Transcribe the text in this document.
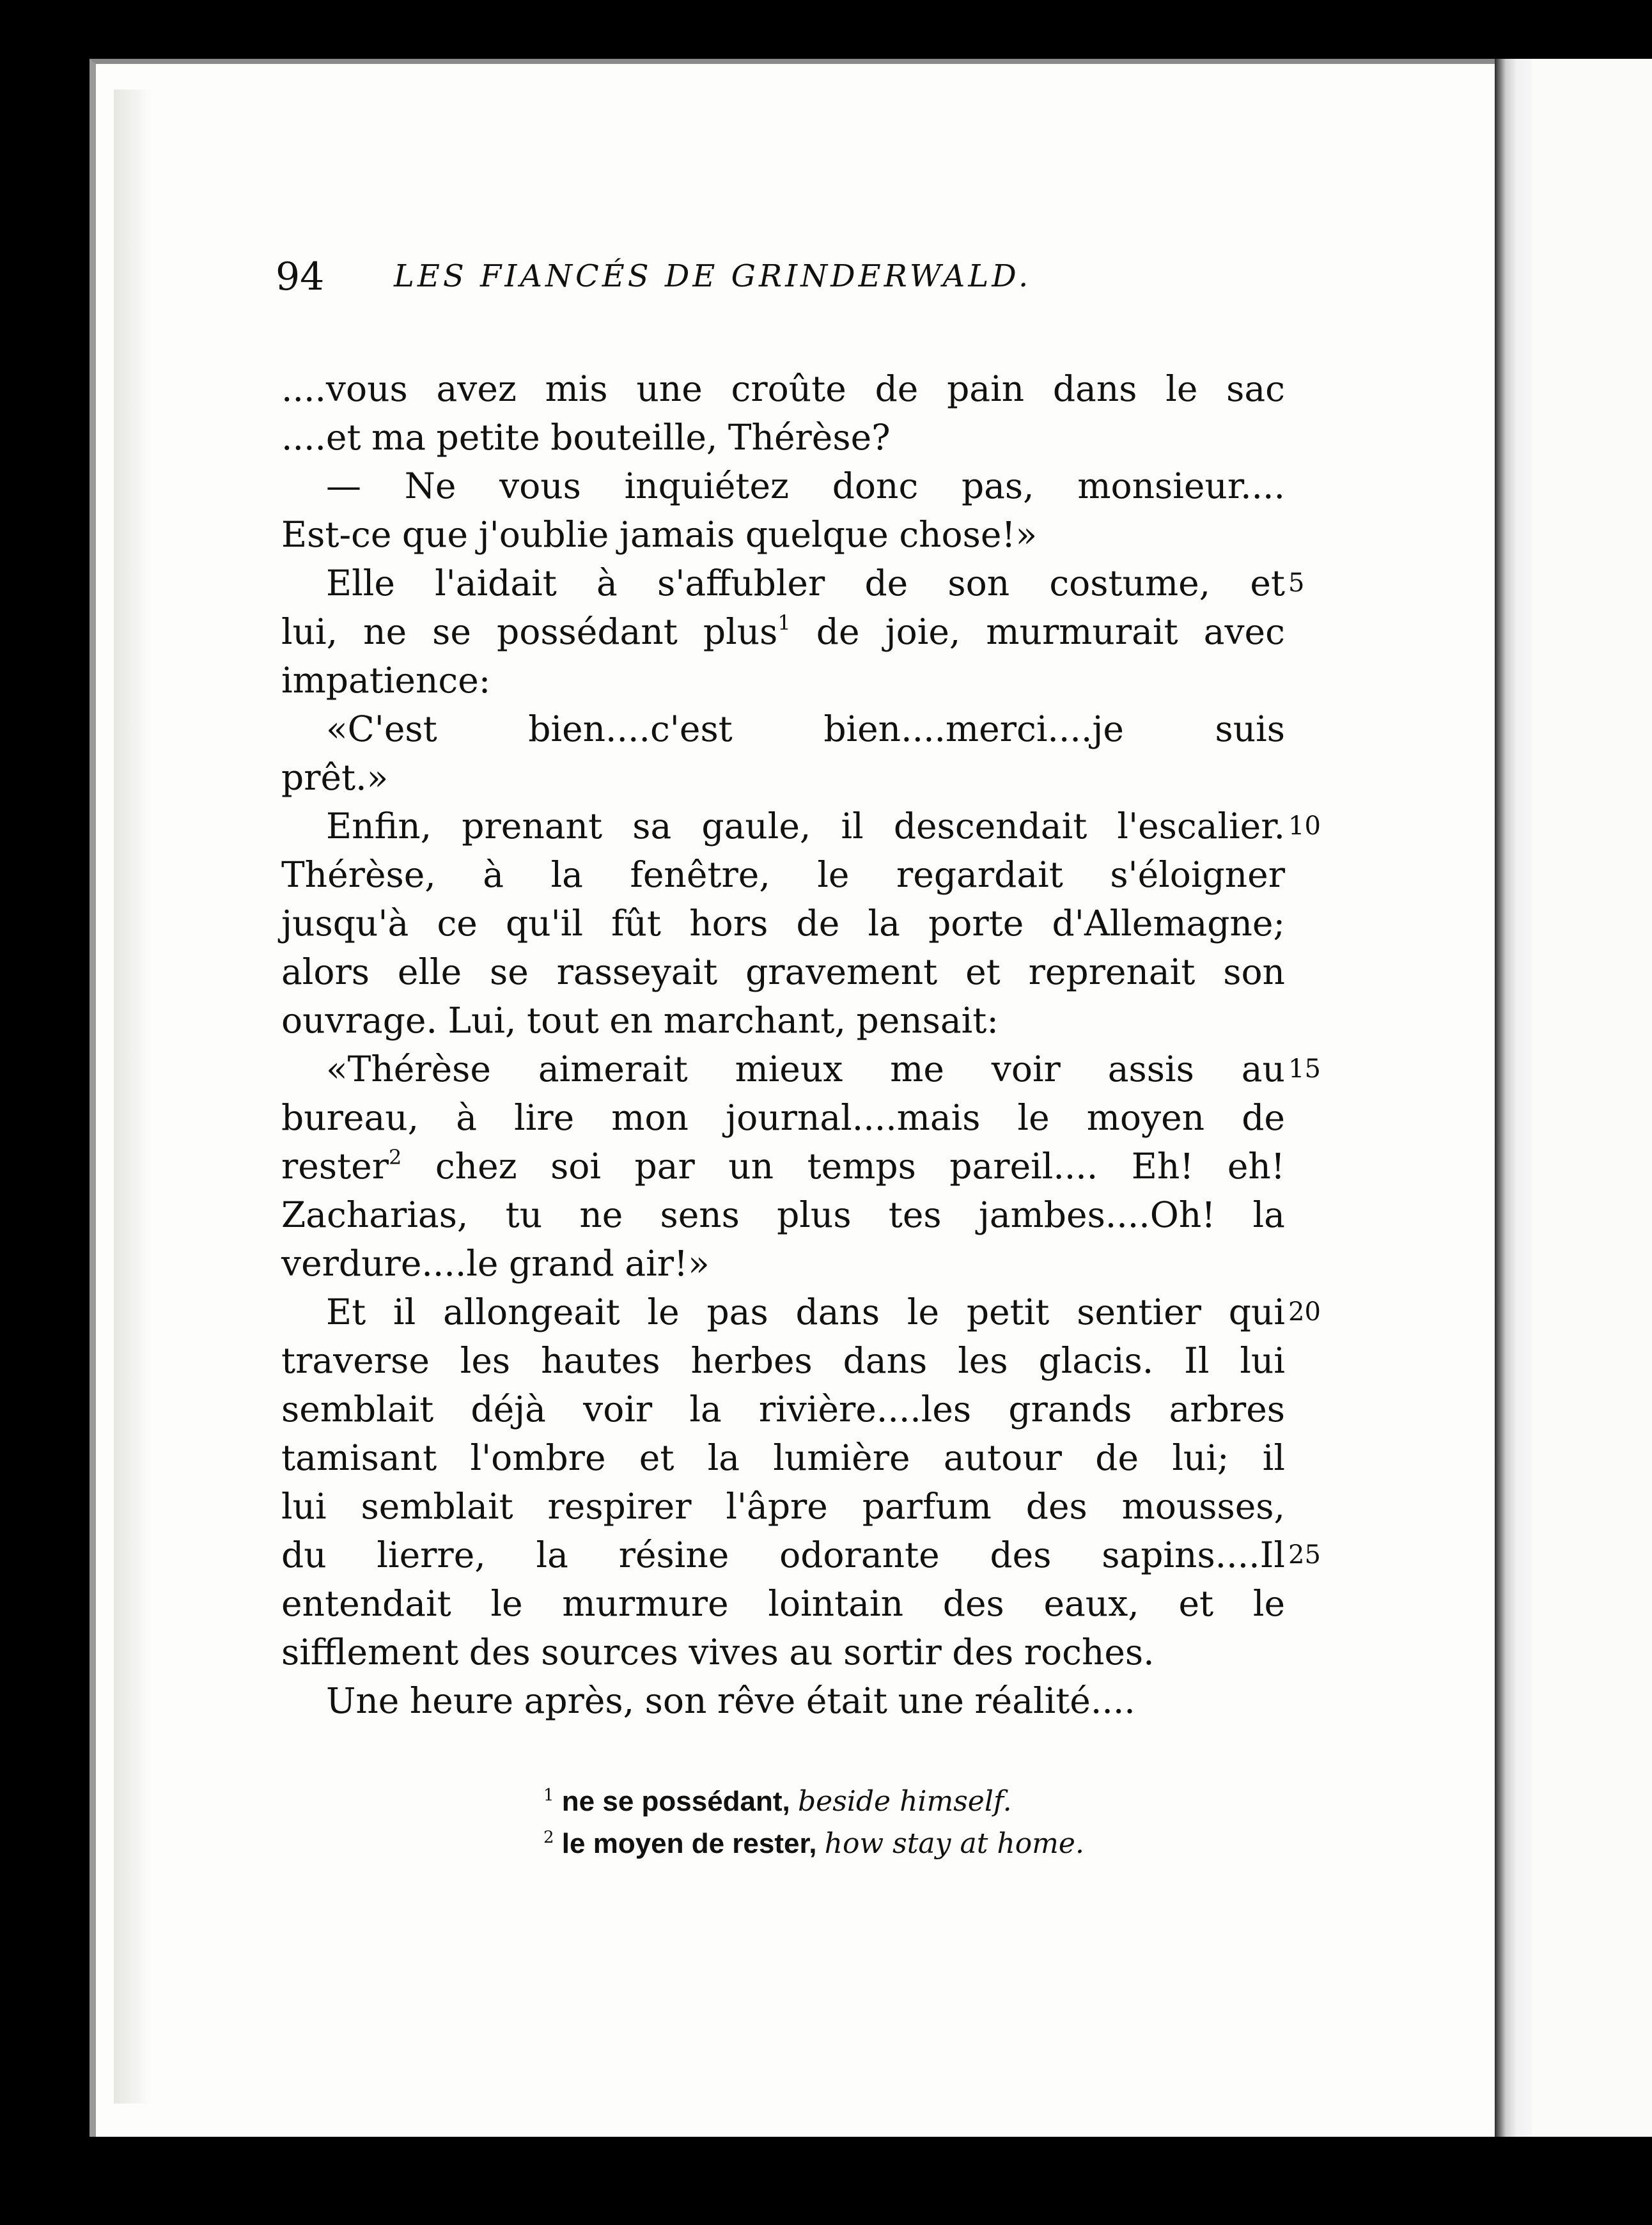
94 LES FIANCÉS DE GRINDERWALD.
....vous avez mis une croûte de pain dans le sac
....et ma petite bouteille, Thérèse?
— Ne vous inquiétez donc pas, monsieur....
Est-ce que j'oublie jamais quelque chose!»
Elle l'aidait à s'affubler de son costume, et 5
lui, ne se possédant plus$^1$ de joie, murmurait avec
impatience:
«C'est	bien....c'est	bien....merci....je	suis
prêt.»
Enfin, prenant sa gaule, il descendait l'escalier. 10
Thérèse, à la fenêtre, le regardait s'éloigner
jusqu'à ce qu'il fût hors de la porte d'Allemagne;
alors elle se rasseyait gravement et reprenait son
ouvrage. Lui, tout en marchant, pensait:
«Thérèse aimerait mieux me voir assis au 15
bureau, à lire mon journal....mais le moyen de
rester$^2$ chez soi par un temps pareil.... Eh! eh!
Zacharias, tu ne sens plus tes jambes....Oh! la
verdure....le grand air!»
Et il allongeait le pas dans le petit sentier qui 20
traverse les hautes herbes dans les glacis. Il lui
semblait déjà voir la rivière....les grands arbres
tamisant l'ombre et la lumière autour de lui; il
lui semblait respirer l'âpre parfum des mousses,
du lierre, la résine odorante des sapins....Il 25
entendait le murmure lointain des eaux, et le
sifflement des sources vives au sortir des roches.
Une heure après, son rêve était une réalité....
$^1$ ne se possédant, beside himself.
$^2$ le moyen de rester, how stay at home.
